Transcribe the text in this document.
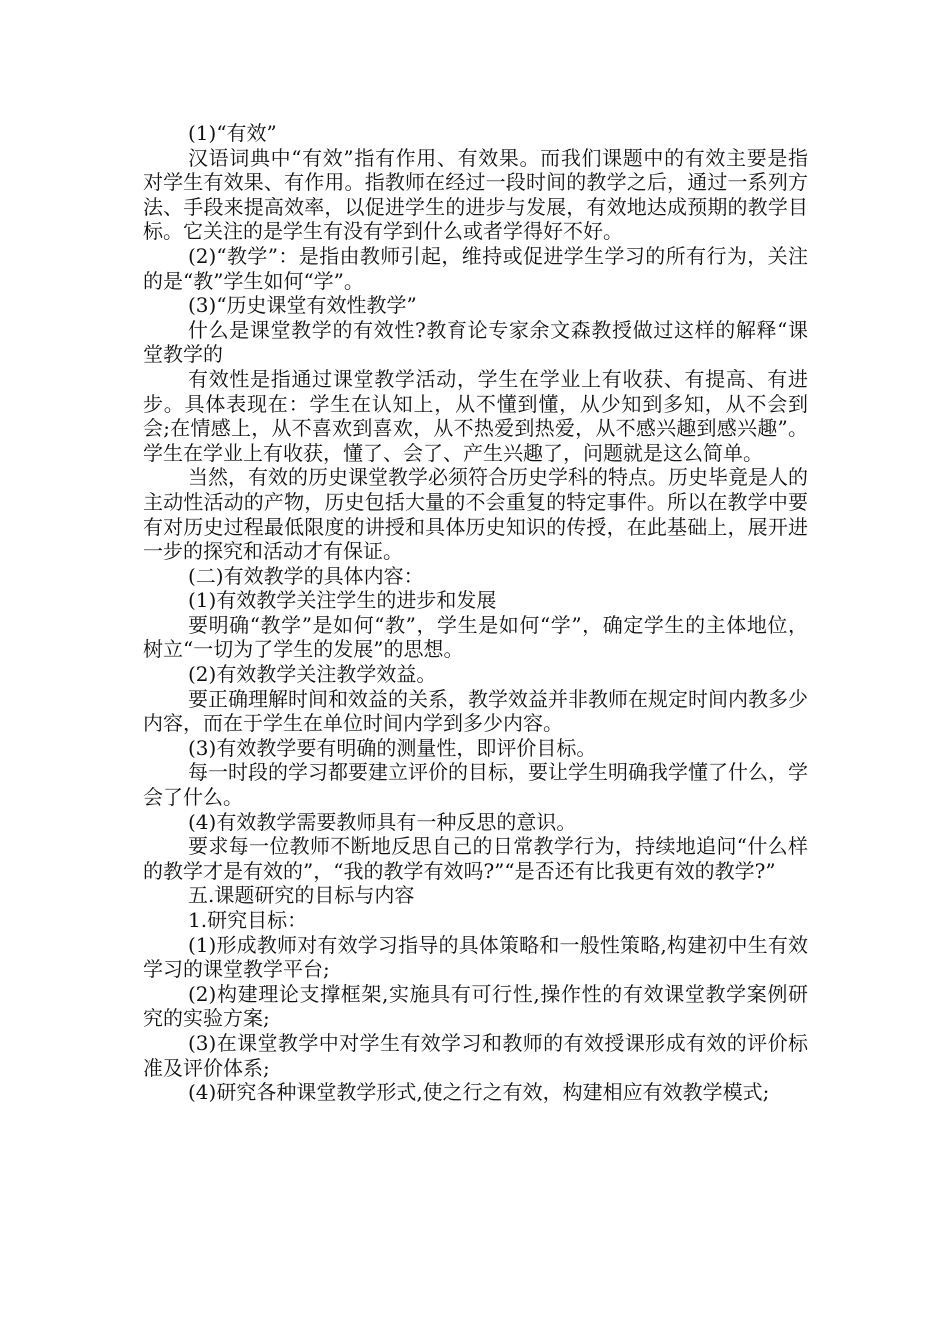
(1)“有效”

汉语词典中“有效”指有作用、有效果。而我们课题中的有效主要是指对学生有效果、有作用。指教师在经过一段时间的教学之后，通过一系列方法、手段来提高效率，以促进学生的进步与发展，有效地达成预期的教学目标。它关注的是学生有没有学到什么或者学得好不好。

(2)“教学”：是指由教师引起，维持或促进学生学习的所有行为，关注的是“教”学生如何“学”。

(3)“历史课堂有效性教学”

什么是课堂教学的有效性?教育论专家余文森教授做过这样的解释“课堂教学的

有效性是指通过课堂教学活动，学生在学业上有收获、有提高、有进步。具体表现在：学生在认知上，从不懂到懂，从少知到多知，从不会到会;在情感上，从不喜欢到喜欢，从不热爱到热爱，从不感兴趣到感兴趣”。学生在学业上有收获，懂了、会了、产生兴趣了，问题就是这么简单。

当然，有效的历史课堂教学必须符合历史学科的特点。历史毕竟是人的主动性活动的产物，历史包括大量的不会重复的特定事件。所以在教学中要有对历史过程最低限度的讲授和具体历史知识的传授，在此基础上，展开进一步的探究和活动才有保证。

(二)有效教学的具体内容：

(1)有效教学关注学生的进步和发展

要明确“教学”是如何“教”，学生是如何“学”，确定学生的主体地位，树立“一切为了学生的发展”的思想。

(2)有效教学关注教学效益。

要正确理解时间和效益的关系，教学效益并非教师在规定时间内教多少内容，而在于学生在单位时间内学到多少内容。

(3)有效教学要有明确的测量性，即评价目标。

每一时段的学习都要建立评价的目标，要让学生明确我学懂了什么，学会了什么。

(4)有效教学需要教师具有一种反思的意识。

要求每一位教师不断地反思自己的日常教学行为，持续地追问“什么样的教学才是有效的”，“我的教学有效吗?”“是否还有比我更有效的教学?”

五.课题研究的目标与内容

1.研究目标：

(1)形成教师对有效学习指导的具体策略和一般性策略,构建初中生有效学习的课堂教学平台;

(2)构建理论支撑框架,实施具有可行性,操作性的有效课堂教学案例研究的实验方案;

(3)在课堂教学中对学生有效学习和教师的有效授课形成有效的评价标准及评价体系;

(4)研究各种课堂教学形式,使之行之有效，构建相应有效教学模式;
